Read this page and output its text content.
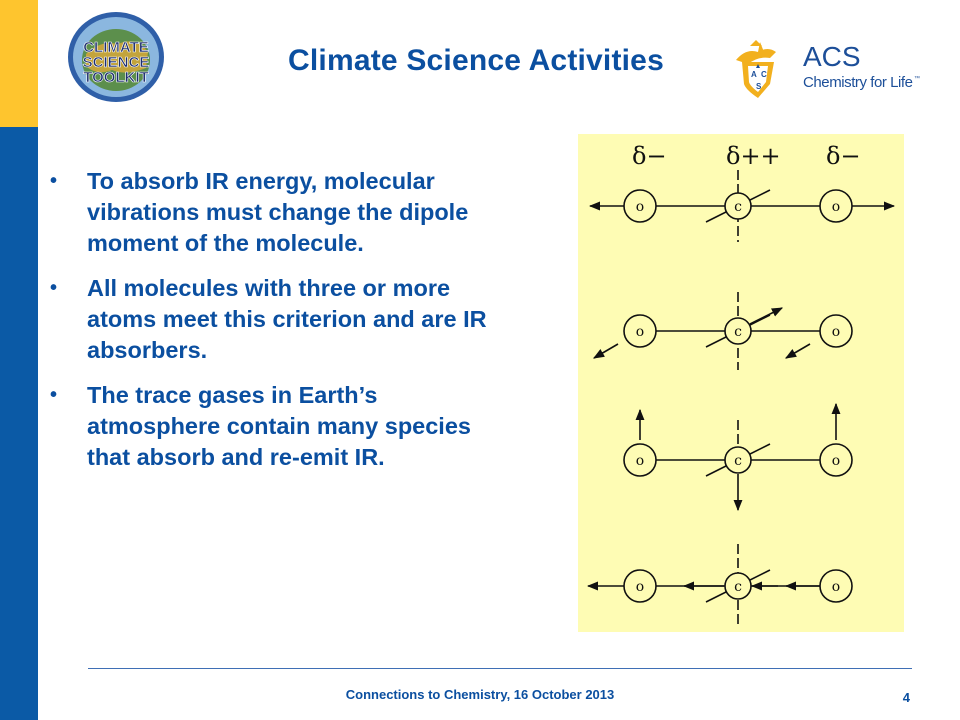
AMERICAN CHEMICAL SOCIETY
CLIMATE
SCIENCE
TOOLKIT
Climate Science Activities	A C
S
ACS
Chemistry for Life ™
• To absorb IR energy, molecular
vibrations must change the dipole
moment of the molecule.
• All molecules with three or more
atoms meet this criterion and are IR
absorbers.
• The trace gases in Earth’s
atmosphere contain many species
that absorb and re-emit IR.
δ− δ++ δ−
o	c	o
o	c	o
o	c	o
o	c	o
Connections to Chemistry, 16 October 2013	4
